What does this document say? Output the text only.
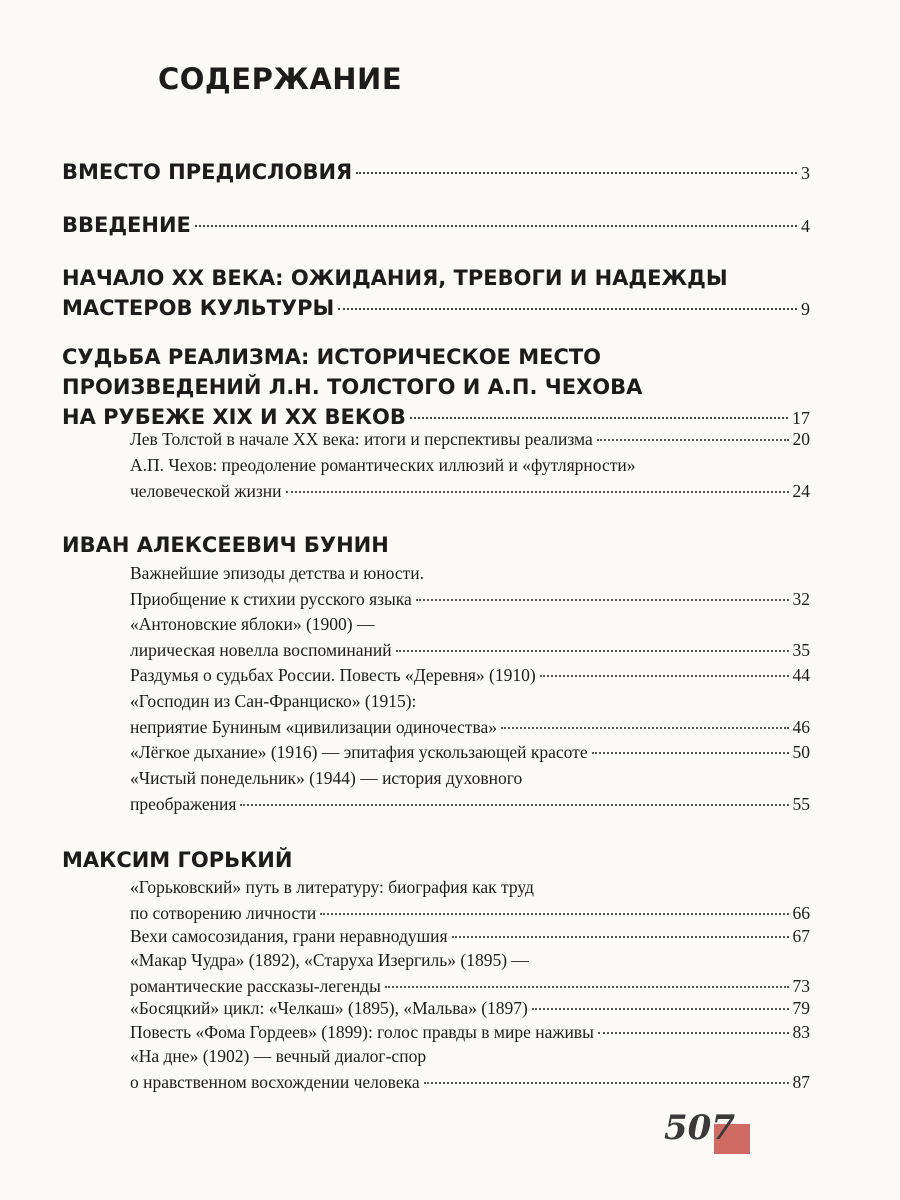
СОДЕРЖАНИЕ
ВМЕСТО ПРЕДИСЛОВИЯ	3
ВВЕДЕНИЕ	4
НАЧАЛО XX ВЕКА: ОЖИДАНИЯ, ТРЕВОГИ И НАДЕЖДЫ
МАСТЕРОВ КУЛЬТУРЫ	9
СУДЬБА РЕАЛИЗМА: ИСТОРИЧЕСКОЕ МЕСТО
ПРОИЗВЕДЕНИЙ Л.Н. ТОЛСТОГО И А.П. ЧЕХОВА
НА РУБЕЖЕ XIX И XX ВЕКОВ	17
Лев Толстой в начале XX века: итоги и перспективы реализма	20
А.П. Чехов: преодоление романтических иллюзий и «футлярности»
человеческой жизни	24
ИВАН АЛЕКСЕЕВИЧ БУНИН
Важнейшие эпизоды детства и юности.
Приобщение к стихии русского языка	32
«Антоновские яблоки» (1900) —
лирическая новелла воспоминаний	35
Раздумья о судьбах России. Повесть «Деревня» (1910)	44
«Господин из Сан-Франциско» (1915):
неприятие Буниным «цивилизации одиночества»	46
«Лёгкое дыхание» (1916) — эпитафия ускользающей красоте	50
«Чистый понедельник» (1944) — история духовного
преображения	55
МАКСИМ ГОРЬКИЙ
«Горьковский» путь в литературу: биография как труд
по сотворению личности	66
Вехи самосозидания, грани неравнодушия	67
«Макар Чудра» (1892), «Старуха Изергиль» (1895) —
романтические рассказы-легенды	73
«Босяцкий» цикл: «Челкаш» (1895), «Мальва» (1897)	79
Повесть «Фома Гордеев» (1899): голос правды в мире наживы	83
«На дне» (1902) — вечный диалог-спор
о нравственном восхождении человека	87
507
